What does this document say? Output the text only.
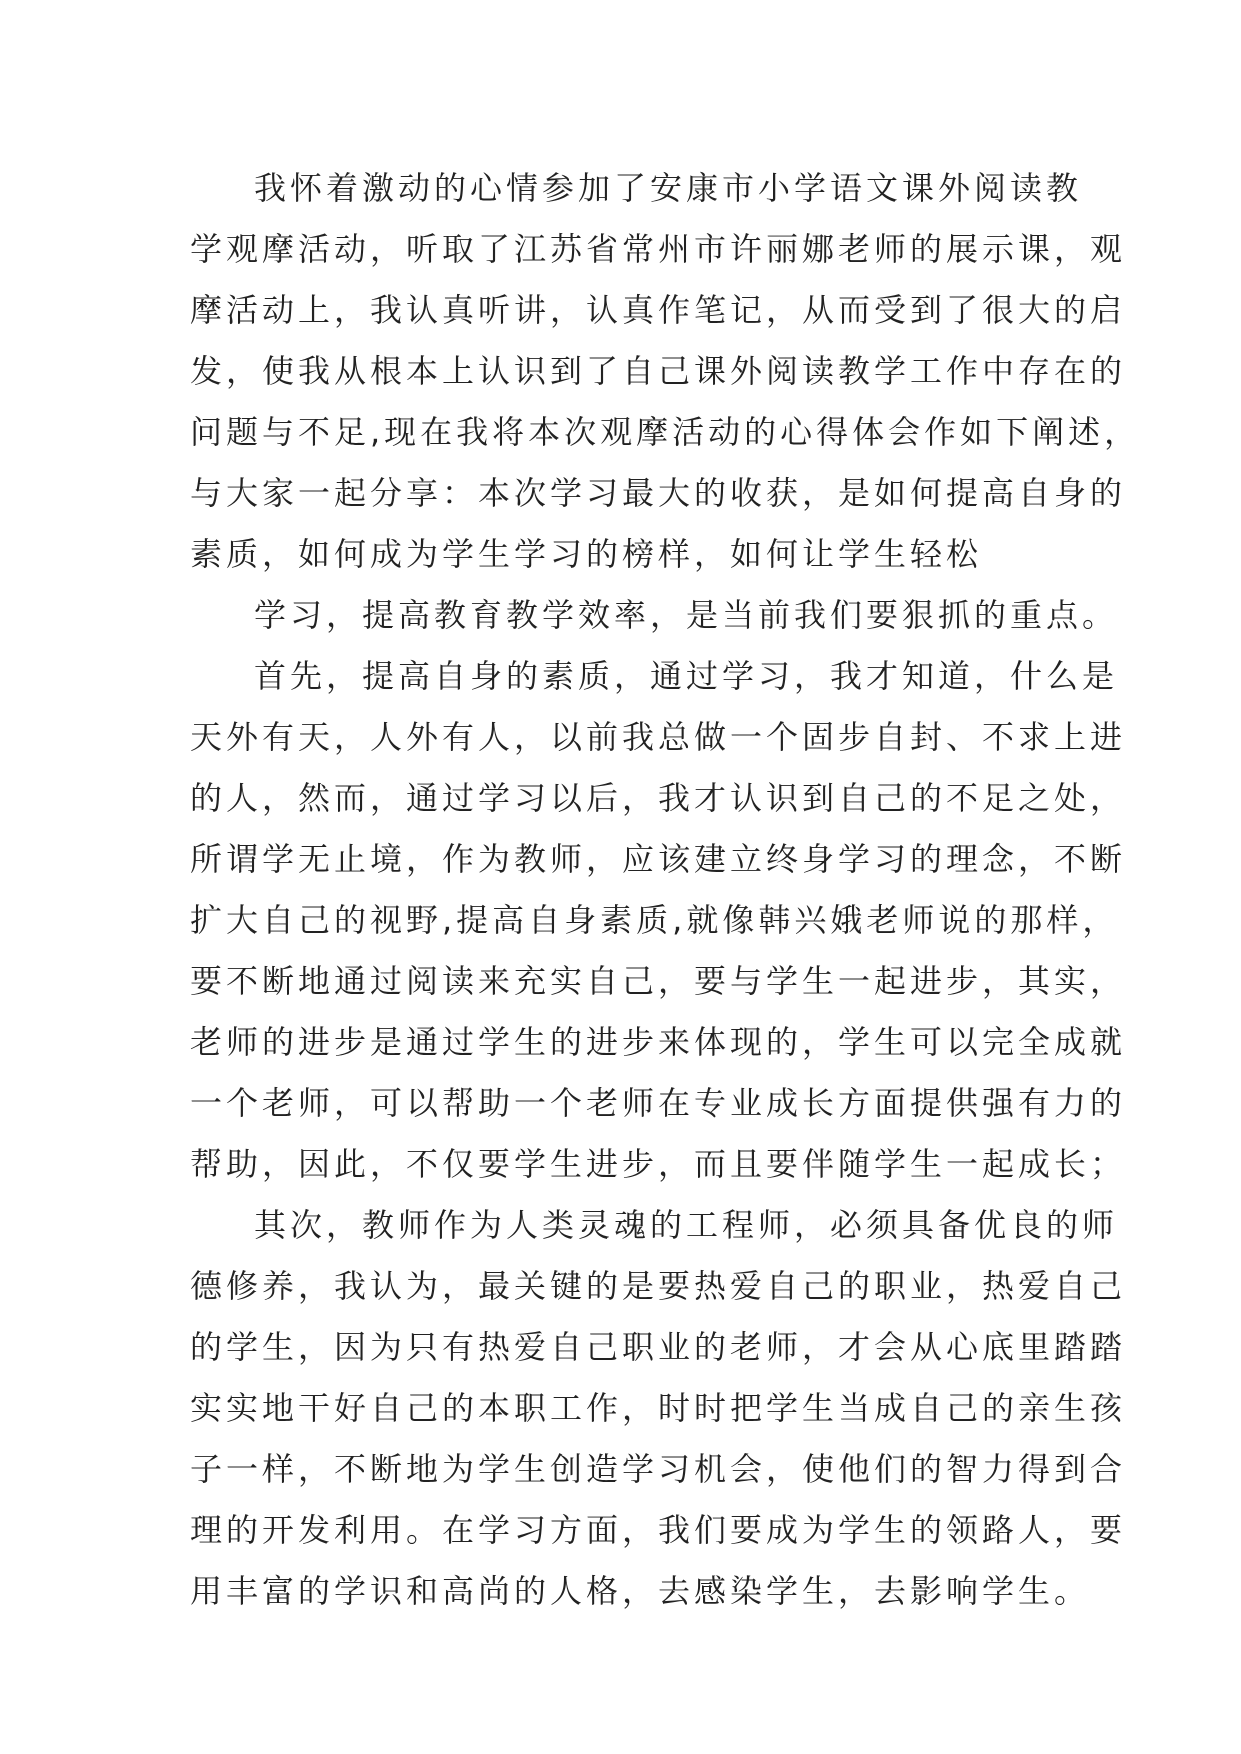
我怀着激动的心情参加了安康市小学语文课外阅读教
学观摩活动，听取了江苏省常州市许丽娜老师的展示课，观
摩活动上，我认真听讲，认真作笔记，从而受到了很大的启
发，使我从根本上认识到了自己课外阅读教学工作中存在的
问题与不足,现在我将本次观摩活动的心得体会作如下阐述，
与大家一起分享：本次学习最大的收获，是如何提高自身的
素质，如何成为学生学习的榜样，如何让学生轻松
学习，提高教育教学效率，是当前我们要狠抓的重点。
首先，提高自身的素质，通过学习，我才知道，什么是
天外有天，人外有人，以前我总做一个固步自封、不求上进
的人，然而，通过学习以后，我才认识到自己的不足之处，
所谓学无止境，作为教师，应该建立终身学习的理念，不断
扩大自己的视野,提高自身素质,就像韩兴娥老师说的那样，
要不断地通过阅读来充实自己，要与学生一起进步，其实，
老师的进步是通过学生的进步来体现的，学生可以完全成就
一个老师，可以帮助一个老师在专业成长方面提供强有力的
帮助，因此，不仅要学生进步，而且要伴随学生一起成长；
其次，教师作为人类灵魂的工程师，必须具备优良的师
德修养，我认为，最关键的是要热爱自己的职业，热爱自己
的学生，因为只有热爱自己职业的老师，才会从心底里踏踏
实实地干好自己的本职工作，时时把学生当成自己的亲生孩
子一样，不断地为学生创造学习机会，使他们的智力得到合
理的开发利用。在学习方面，我们要成为学生的领路人，要
用丰富的学识和高尚的人格，去感染学生，去影响学生。
